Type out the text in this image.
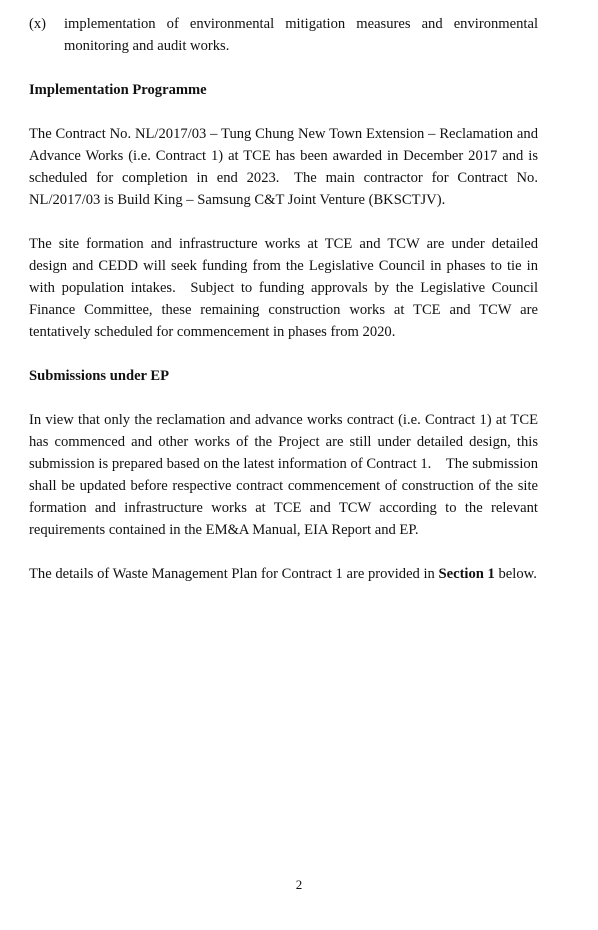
(x) implementation of environmental mitigation measures and environmental monitoring and audit works.
Implementation Programme
The Contract No. NL/2017/03 – Tung Chung New Town Extension – Reclamation and Advance Works (i.e. Contract 1) at TCE has been awarded in December 2017 and is scheduled for completion in end 2023. The main contractor for Contract No. NL/2017/03 is Build King – Samsung C&T Joint Venture (BKSCTJV).
The site formation and infrastructure works at TCE and TCW are under detailed design and CEDD will seek funding from the Legislative Council in phases to tie in with population intakes. Subject to funding approvals by the Legislative Council Finance Committee, these remaining construction works at TCE and TCW are tentatively scheduled for commencement in phases from 2020.
Submissions under EP
In view that only the reclamation and advance works contract (i.e. Contract 1) at TCE has commenced and other works of the Project are still under detailed design, this submission is prepared based on the latest information of Contract 1. The submission shall be updated before respective contract commencement of construction of the site formation and infrastructure works at TCE and TCW according to the relevant requirements contained in the EM&A Manual, EIA Report and EP.
The details of Waste Management Plan for Contract 1 are provided in Section 1 below.
2
